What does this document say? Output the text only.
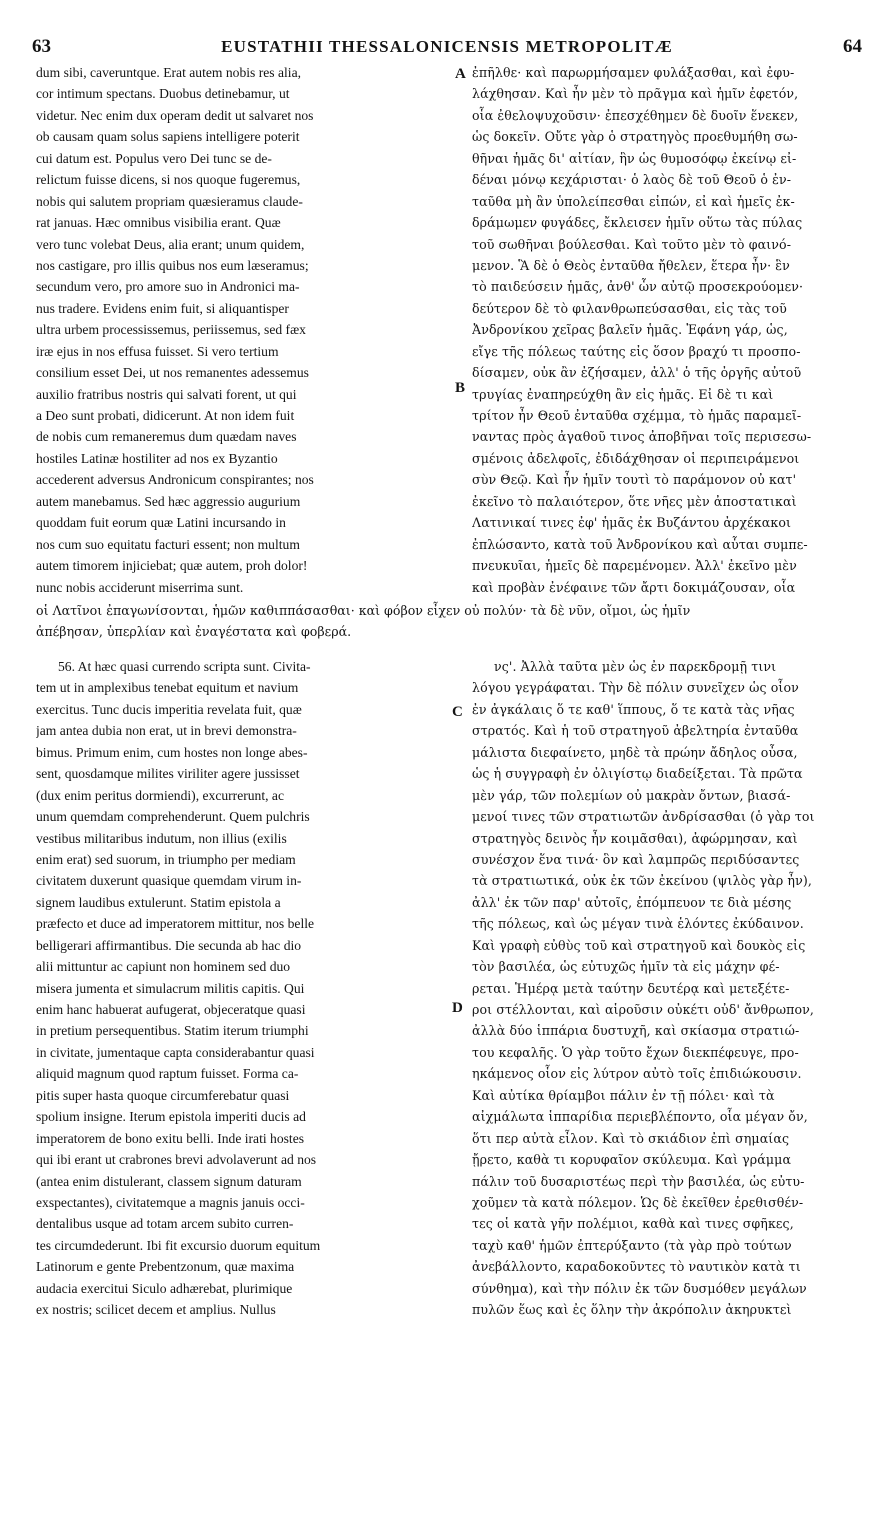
63	EUSTATHII THESSALONICENSIS METROPOLITÆ	64
dum sibi, caveruntque. Erat autem nobis res alia,
cor intimum spectans. Duobus detinebamur, ut
videtur. Nec enim dux operam dedit ut salvaret nos
ob causam quam solus sapiens intelligere poterit
cui datum est. Populus vero Dei tunc se de-
relictum fuisse dicens, si nos quoque fugeremus,
nobis qui salutem propriam quæsieramus claude-
rat januas. Hæc omnibus visibilia erant. Quæ
vero tunc volebat Deus, alia erant; unum quidem,
nos castigare, pro illis quibus nos eum læseramus;
secundum vero, pro amore suo in Andronici ma-
nus tradere. Evidens enim fuit, si aliquantisper
ultra urbem processissemus, periissemus, sed fæx
iræ ejus in nos effusa fuisset. Si vero tertium
consilium esset Dei, ut nos remanentes adessemus
auxilio fratribus nostris qui salvati forent, ut qui
a Deo sunt probati, didicerunt. At non idem fuit
de nobis cum remaneremus dum quædam naves
hostiles Latinæ hostiliter ad nos ex Byzantio
accederent adversus Andronicum conspirantes; nos
autem manebamus. Sed hæc aggressio augurium
quoddam fuit eorum quæ Latini incursando in
nos cum suo equitatu facturi essent; non multum
autem timorem injiciebat; quæ autem, proh dolor!
nunc nobis acciderunt miserrima sunt.
ἐπῆλθε· καὶ παρωρμήσαμεν φυλάξασθαι, καὶ ἐφυ-
λάχθησαν. Καὶ ἦν μὲν τὸ πρᾶγμα καὶ ἡμῖν ἐφετόν,
οἷα ἐθελοψυχοῦσιν· ἐπεσχέθημεν δὲ δυοῖν ἕνεκεν,
ὡς δοκεῖν. Οὔτε γὰρ ὁ στρατηγὸς προεθυμήθη σω-
θῆναι ἡμᾶς δι' αἰτίαν, ἣν ὡς θυμοσόφῳ ἐκείνῳ εἰ-
δέναι μόνῳ κεχάρισται· ὁ λαὸς δὲ τοῦ Θεοῦ ὁ ἐν-
ταῦθα μὴ ἂν ὑπολείπεσθαι εἰπών, εἰ καὶ ἡμεῖς ἐκ-
δράμωμεν φυγάδες, ἔκλεισεν ἡμῖν οὕτω τὰς πύλας
τοῦ σωθῆναι βούλεσθαι. Καὶ τοῦτο μὲν τὸ φαινό-
μενον. Ἃ δὲ ὁ Θεὸς ἐνταῦθα ἤθελεν, ἕτερα ἦν· ἓν
τὸ παιδεύσειν ἡμᾶς, ἀνθ' ὧν αὐτῷ προσεκρούομεν·
δεύτερον δὲ τὸ φιλανθρωπεύσασθαι, εἰς τὰς τοῦ
Ἀνδρονίκου χεῖρας βαλεῖν ἡμᾶς. Ἐφάνη γάρ, ὡς,
εἴγε τῆς πόλεως ταύτης εἰς ὅσον βραχύ τι προσπο-
δίσαμεν, οὐκ ἂν ἐζήσαμεν, ἀλλ' ὁ τῆς ὀργῆς αὐτοῦ
τρυγίας ἐναπηρεύχθη ἂν εἰς ἡμᾶς. Εἰ δὲ τι καὶ
τρίτον ἦν Θεοῦ ἐνταῦθα σχέμμα, τὸ ἡμᾶς παραμεῖ-
ναντας πρὸς ἀγαθοῦ τινος ἀποβῆναι τοῖς περισεσω-
σμένοις ἀδελφοῖς, ἐδιδάχθησαν οἱ περιπειράμενοι
σὺν Θεῷ. Καὶ ἦν ἡμῖν τουτὶ τὸ παράμονον οὐ κατ'
ἐκεῖνο τὸ παλαιότερον, ὅτε νῆες μὲν ἀποστατικαὶ
Λατινικαί τινες ἐφ' ἡμᾶς ἐκ Βυζάντου ἀρχέκακοι
ἐπλώσαντο, κατὰ τοῦ Ἀνδρονίκου καὶ αὗται συμπε-
πνευκυῖαι, ἡμεῖς δὲ παρεμένομεν. Ἀλλ' ἐκεῖνο μὲν
καὶ προβὰν ἐνέφαινε τῶν ἄρτι δοκιμάζουσαν, οἷα
οἱ Λατῖνοι ἐπαγωνίσονται, ἡμῶν καθιππάσασθαι· καὶ φόβον εἶχεν οὐ πολύν· τὰ δὲ νῦν, οἴμοι, ὡς ἡμῖν
ἀπέβησαν, ὑπερλίαν καὶ ἐναγέστατα καὶ φοβερά.
56. At hæc quasi currendo scripta sunt. Civita-
tem ut in amplexibus tenebat equitum et navium
exercitus. Tunc ducis imperitia revelata fuit, quæ
jam antea dubia non erat, ut in brevi demonstra-
bimus. Primum enim, cum hostes non longe abes-
sent, quosdamque milites viriliter agere jussisset
(dux enim peritus dormiendi), excurrerunt, ac
unum quemdam comprehenderunt. Quem pulchris
vestibus militaribus indutum, non illius (exilis
enim erat) sed suorum, in triumpho per mediam
civitatem duxerunt quasique quemdam virum in-
signem laudibus extulerunt. Statim epistola a
præfecto et duce ad imperatorem mittitur, nos belle
belligerari affirmantibus. Die secunda ab hac dio
alii mittuntur ac capiunt non hominem sed duo
misera jumenta et simulacrum militis capitis. Qui
enim hanc habuerat aufugerat, objeceratque quasi
in pretium persequentibus. Statim iterum triumphi
in civitate, jumentaque capta considerabantur quasi
aliquid magnum quod raptum fuisset. Forma ca-
pitis super hasta quoque circumferebatur quasi
spolium insigne. Iterum epistola imperiti ducis ad
imperatorem de bono exitu belli. Inde irati hostes
qui ibi erant ut crabrones brevi advolaverunt ad nos
(antea enim distulerant, classem signum daturam
exspectantes), civitatemque a magnis januis occi-
dentalibus usque ad totam arcem subito curren-
tes circumdederunt. Ibi fit excursio duorum equitum
Latinorum e gente Prebentzonum, quæ maxima
audacia exercitui Siculo adhærebat, plurimique
ex nostris; scilicet decem et amplius. Nullus
νς'. Ἀλλὰ ταῦτα μὲν ὡς ἐν παρεκδρομῇ τινι
λόγου γεγράφαται. Τὴν δὲ πόλιν συνεῖχεν ὡς οἷον
ἐν ἀγκάλαις ὅ τε καθ' ἵππους, ὅ τε κατὰ τὰς νῆας
στρατός. Καὶ ἡ τοῦ στρατηγοῦ ἀβελτηρία ἐνταῦθα
μάλιστα διεφαίνετο, μηδὲ τὰ πρώην ἄδηλος οὖσα,
ὡς ἡ συγγραφὴ ἐν ὀλιγίστῳ διαδείξεται. Τὰ πρῶτα
μὲν γάρ, τῶν πολεμίων οὐ μακρὰν ὄντων, βιασά-
μενοί τινες τῶν στρατιωτῶν ἀνδρίσασθαι (ὁ γὰρ τοι
στρατηγὸς δεινὸς ἦν κοιμᾶσθαι), ἀφώρμησαν, καὶ
συνέσχον ἕνα τινά· ὃν καὶ λαμπρῶς περιδύσαντες
τὰ στρατιωτικά, οὐκ ἐκ τῶν ἐκείνου (ψιλὸς γὰρ ἦν),
ἀλλ' ἐκ τῶν παρ' αὐτοῖς, ἐπόμπευον τε διὰ μέσης
τῆς πόλεως, καὶ ὡς μέγαν τινὰ ἑλόντες ἐκύδαινον.
Καὶ γραφὴ εὐθὺς τοῦ καὶ στρατηγοῦ καὶ δουκὸς εἰς
τὸν βασιλέα, ὡς εὐτυχῶς ἡμῖν τὰ εἰς μάχην φέ-
ρεται. Ἡμέρᾳ μετὰ ταύτην δευτέρᾳ καὶ μετεξέτε-
ροι στέλλονται, καὶ αἱροῦσιν οὐκέτι οὐδ' ἄνθρωπον,
ἀλλὰ δύο ἱππάρια δυστυχῆ, καὶ σκίασμα στρατιώ-
του κεφαλῆς. Ὁ γὰρ τοῦτο ἔχων διεκπέφευγε, προ-
ηκάμενος οἷον εἰς λύτρον αὐτὸ τοῖς ἐπιδιώκουσιν.
Καὶ αὐτίκα θρίαμβοι πάλιν ἐν τῇ πόλει· καὶ τὰ
αἰχμάλωτα ἱππαρίδια περιεβλέποντο, οἷα μέγαν ὄν,
ὅτι περ αὐτὰ εἶλον. Καὶ τὸ σκιάδιον ἐπὶ σημαίας
ᾔρετο, καθὰ τι κορυφαῖον σκύλευμα. Καὶ γράμμα
πάλιν τοῦ δυσαριστέως περὶ τὴν βασιλέα, ὡς εὐτυ-
χοῦμεν τὰ κατὰ πόλεμον. Ὡς δὲ ἐκεῖθεν ἐρεθισθέν-
τες οἱ κατὰ γῆν πολέμιοι, καθὰ καὶ τινες σφῆκες,
ταχὺ καθ' ἡμῶν ἐπτερύξαντο (τὰ γὰρ πρὸ τούτων
ἀνεβάλλοντο, καραδοκοῦντες τὸ ναυτικὸν κατὰ τι
σύνθημα), καὶ τὴν πόλιν ἐκ τῶν δυσμόθεν μεγάλων
πυλῶν ἕως καὶ ἐς ὅλην τὴν ἀκρόπολιν ἀκηρυκτεὶ
A
B
C
D
